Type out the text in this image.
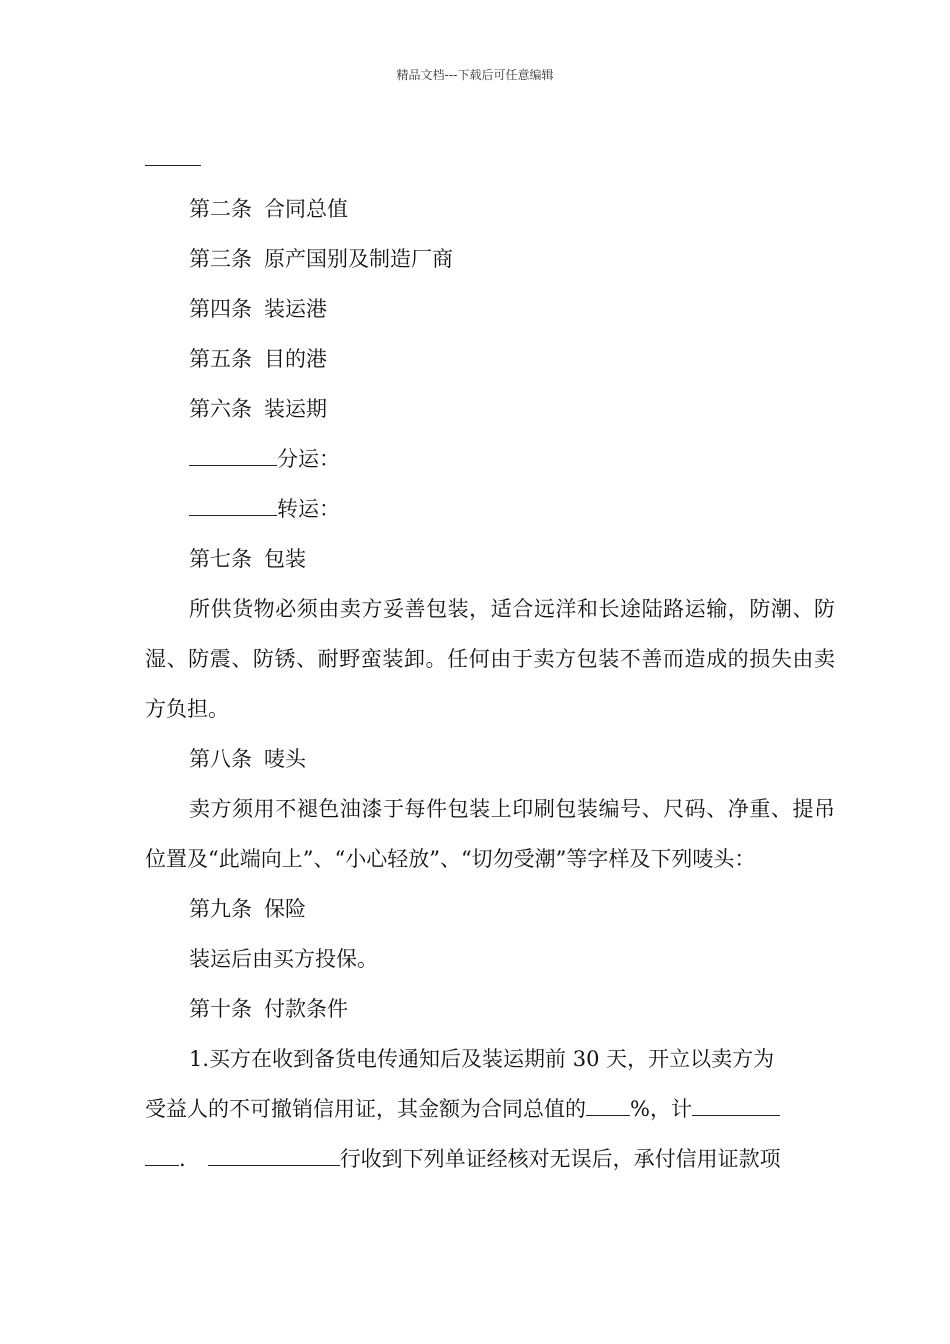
精品文档---下载后可任意编辑
第二条 合同总值
第三条 原产国别及制造厂商
第四条 装运港
第五条 目的港
第六条 装运期
分运：
转运：
第七条 包装
所供货物必须由卖方妥善包装，适合远洋和长途陆路运输，防潮、防湿、防震、防锈、耐野蛮装卸。任何由于卖方包装不善而造成的损失由卖方负担。
第八条 唛头
卖方须用不褪色油漆于每件包装上印刷包装编号、尺码、净重、提吊位置及“此端向上”、“小心轻放”、“切勿受潮”等字样及下列唛头：
第九条 保险
装运后由买方投保。
第十条 付款条件
1.买方在收到备货电传通知后及装运期前 30 天，开立以卖方为
受益人的不可撤销信用证，其金额为合同总值的 %，计
.	行收到下列单证经核对无误后，承付信用证款项
